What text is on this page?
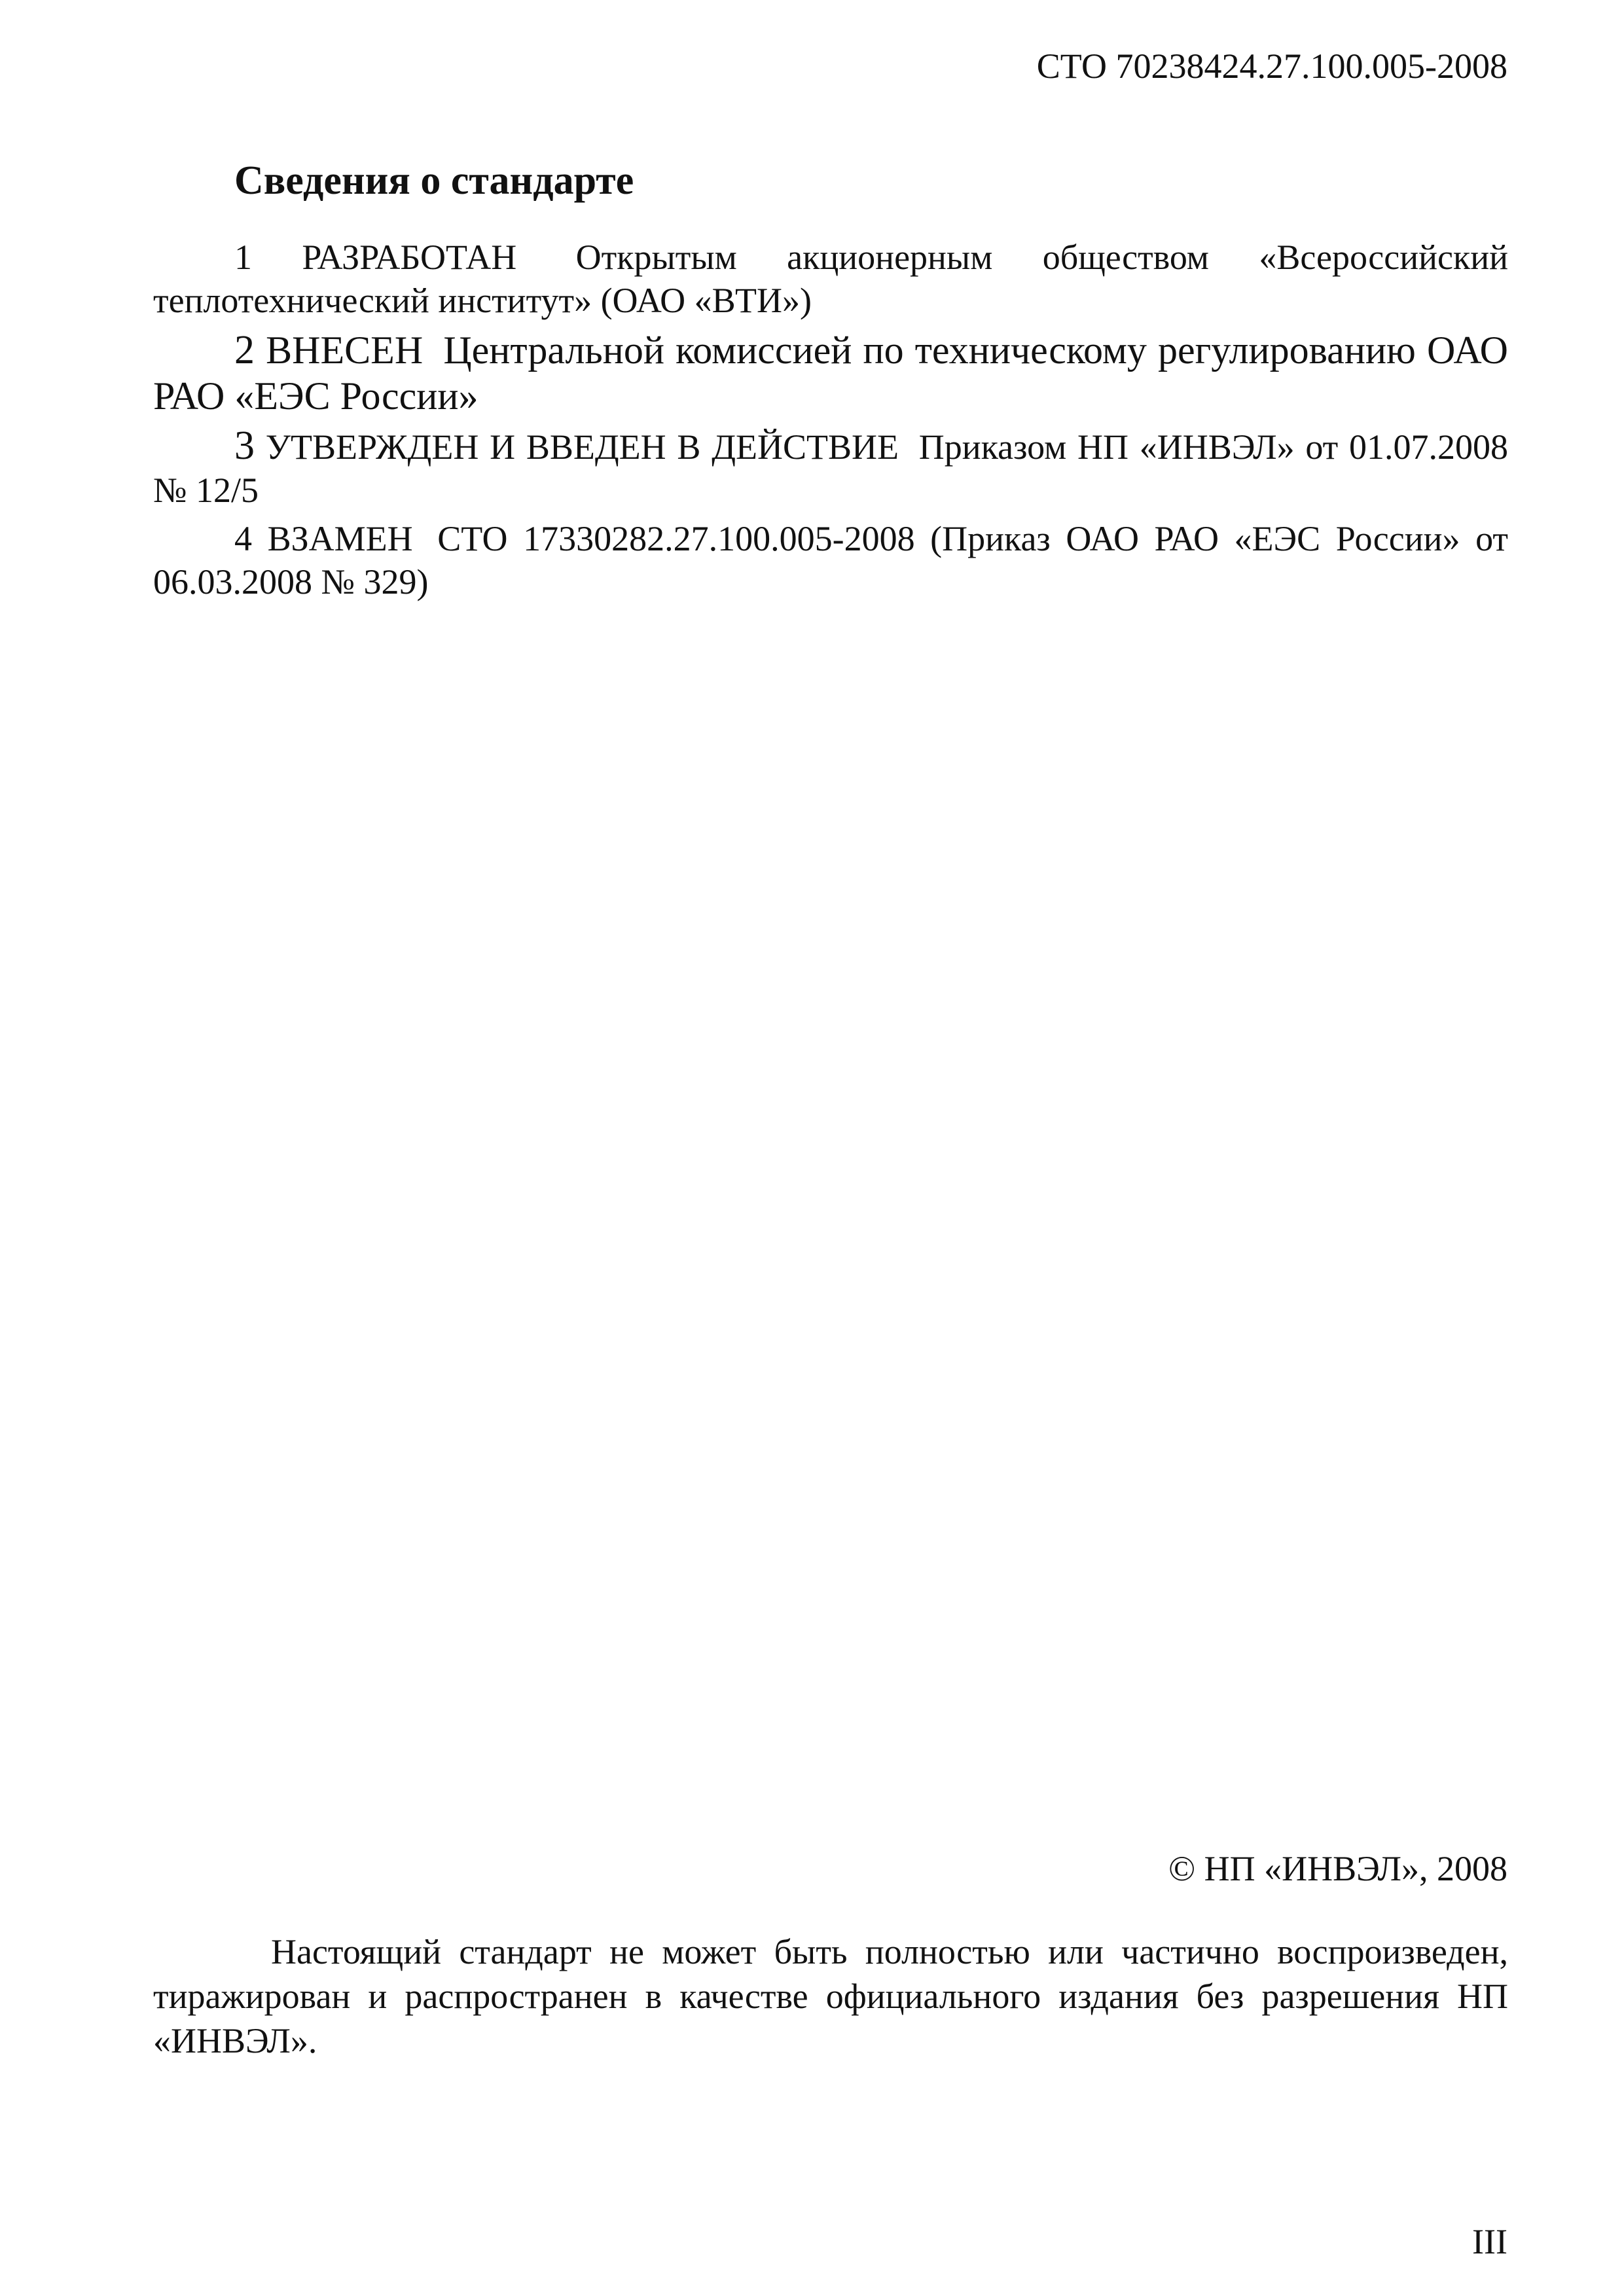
СТО 70238424.27.100.005-2008
Сведения о стандарте

1 РАЗРАБОТАН Открытым акционерным обществом «Всероссийский теплотехнический институт» (ОАО «ВТИ»)

2 ВНЕСЕН Центральной комиссией по техническому регулированию ОАО РАО «ЕЭС России»

3 УТВЕРЖДЕН И ВВЕДЕН В ДЕЙСТВИЕ Приказом НП «ИНВЭЛ» от 01.07.2008 № 12/5

4 ВЗАМЕН СТО 17330282.27.100.005-2008 (Приказ ОАО РАО «ЕЭС России» от 06.03.2008 № 329)

© НП «ИНВЭЛ», 2008

Настоящий стандарт не может быть полностью или частично воспроизведен, тиражирован и распространен в качестве официального издания без разрешения НП «ИНВЭЛ».

III
